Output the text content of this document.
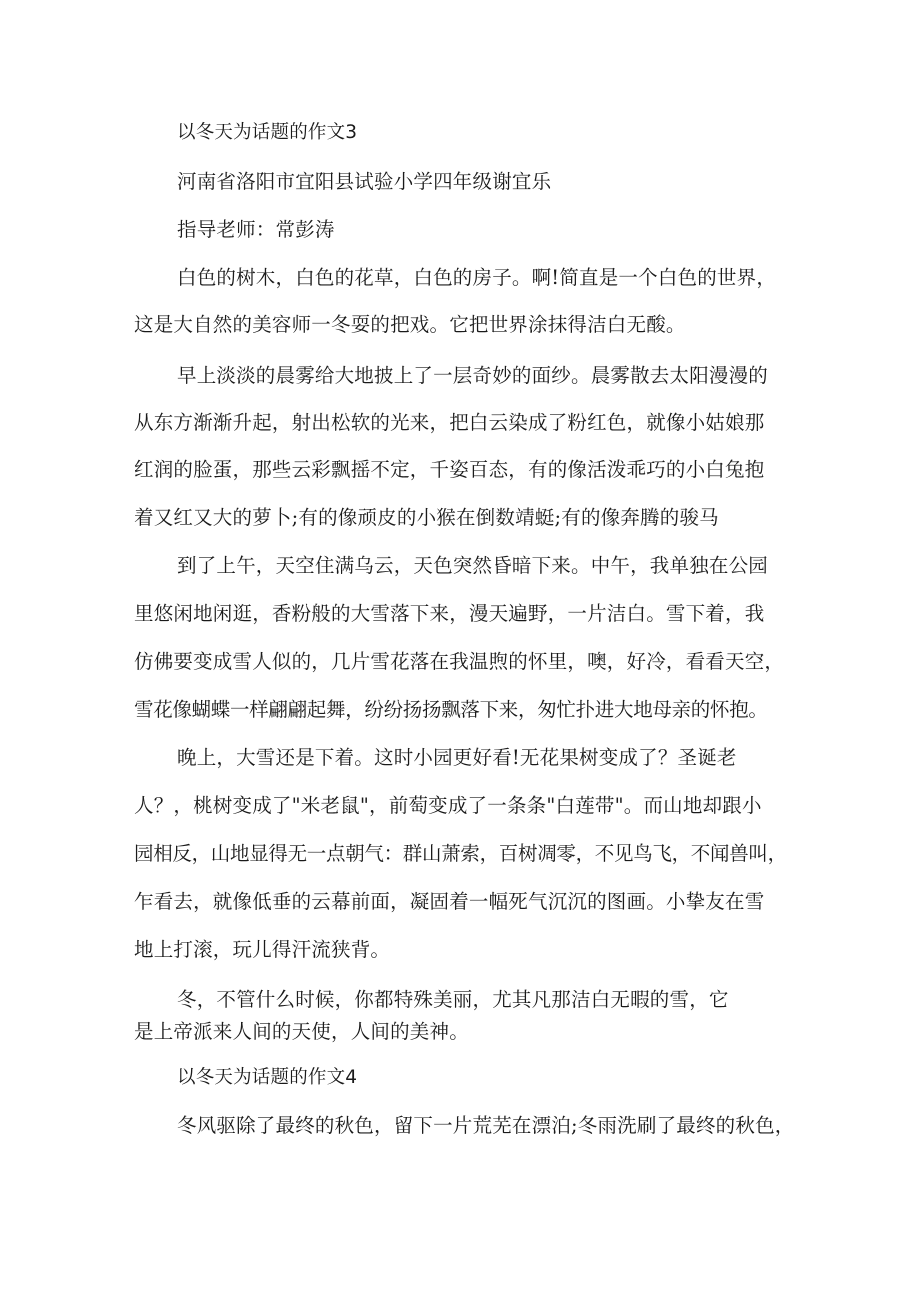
以冬天为话题的作文3
河南省洛阳市宜阳县试验小学四年级谢宜乐
指导老师：常彭涛
白色的树木，白色的花草，白色的房子。啊!简直是一个白色的世界，
这是大自然的美容师一冬耍的把戏。它把世界涂抹得洁白无酸。
早上淡淡的晨雾给大地披上了一层奇妙的面纱。晨雾散去太阳漫漫的
从东方渐渐升起，射出松软的光来，把白云染成了粉红色，就像小姑娘那
红润的脸蛋，那些云彩飘摇不定，千姿百态，有的像活泼乖巧的小白兔抱
着又红又大的萝卜;有的像顽皮的小猴在倒数靖蜓;有的像奔腾的骏马
到了上午，天空住满乌云，天色突然昏暗下来。中午，我单独在公园
里悠闲地闲逛，香粉般的大雪落下来，漫天遍野，一片洁白。雪下着，我
仿佛要变成雪人似的，几片雪花落在我温煦的怀里，噢，好冷，看看天空，
雪花像蝴蝶一样翩翩起舞，纷纷扬扬飘落下来，匆忙扑进大地母亲的怀抱。
晚上，大雪还是下着。这时小园更好看!无花果树变成了？圣诞老
人？，桃树变成了"米老鼠"，前萄变成了一条条"白莲带"。而山地却跟小
园相反，山地显得无一点朝气：群山萧索，百树凋零，不见鸟飞，不闻兽叫，
乍看去，就像低垂的云幕前面，凝固着一幅死气沉沉的图画。小挚友在雪
地上打滚，玩儿得汗流狭背。
冬，不管什么时候，你都特殊美丽，尤其凡那洁白无暇的雪，它
是上帝派来人间的天使，人间的美神。
以冬天为话题的作文4
冬风驱除了最终的秋色，留下一片荒芜在漂泊;冬雨洗刷了最终的秋色，
